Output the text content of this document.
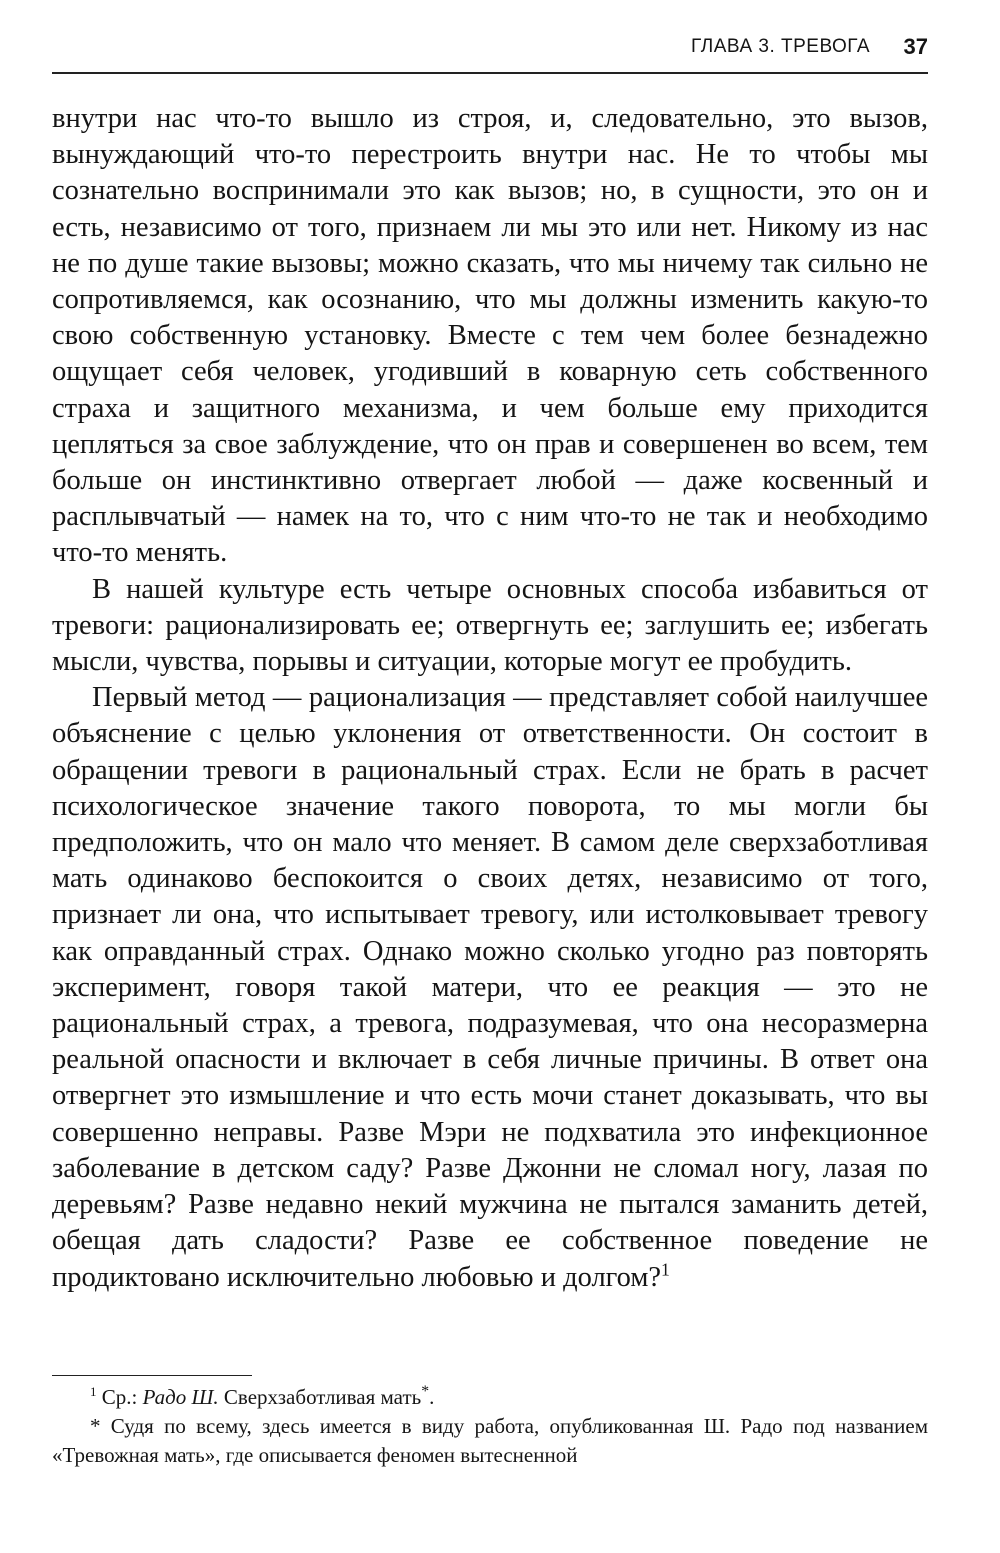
ГЛАВА 3. ТРЕВОГА 37

внутри нас что-то вышло из строя, и, следовательно, это вызов, вынуждающий что-то перестроить внутри нас. Не то чтобы мы сознательно воспринимали это как вызов; но, в сущности, это он и есть, независимо от того, признаем ли мы это или нет. Никому из нас не по душе такие вызовы; можно сказать, что мы ничему так сильно не сопротивляемся, как осознанию, что мы должны изменить какую-то свою собственную установку. Вместе с тем чем более безнадежно ощущает себя человек, угодивший в коварную сеть собственного страха и защитного механизма, и чем больше ему приходится цепляться за свое заблуждение, что он прав и совершенен во всем, тем больше он инстинктивно отвергает любой — даже косвенный и расплывчатый — намек на то, что с ним что-то не так и необходимо что-то менять.

В нашей культуре есть четыре основных способа избавиться от тревоги: рационализировать ее; отвергнуть ее; заглушить ее; избегать мысли, чувства, порывы и ситуации, которые могут ее пробудить.

Первый метод — рационализация — представляет собой наилучшее объяснение с целью уклонения от ответственности. Он состоит в обращении тревоги в рациональный страх. Если не брать в расчет психологическое значение такого поворота, то мы могли бы предположить, что он мало что меняет. В самом деле сверхзаботливая мать одинаково беспокоится о своих детях, независимо от того, признает ли она, что испытывает тревогу, или истолковывает тревогу как оправданный страх. Однако можно сколько угодно раз повторять эксперимент, говоря такой матери, что ее реакция — это не рациональный страх, а тревога, подразумевая, что она несоразмерна реальной опасности и включает в себя личные причины. В ответ она отвергнет это измышление и что есть мочи станет доказывать, что вы совершенно неправы. Разве Мэри не подхватила это инфекционное заболевание в детском саду? Разве Джонни не сломал ногу, лазая по деревьям? Разве недавно некий мужчина не пытался заманить детей, обещая дать сладости? Разве ее собственное поведение не продиктовано исключительно любовью и долгом?$^1$

$^1$ Ср.: Радо Ш. Сверхзаботливая мать*.

* Судя по всему, здесь имеется в виду работа, опубликованная Ш. Радо под названием «Тревожная мать», где описывается феномен вытесненной
